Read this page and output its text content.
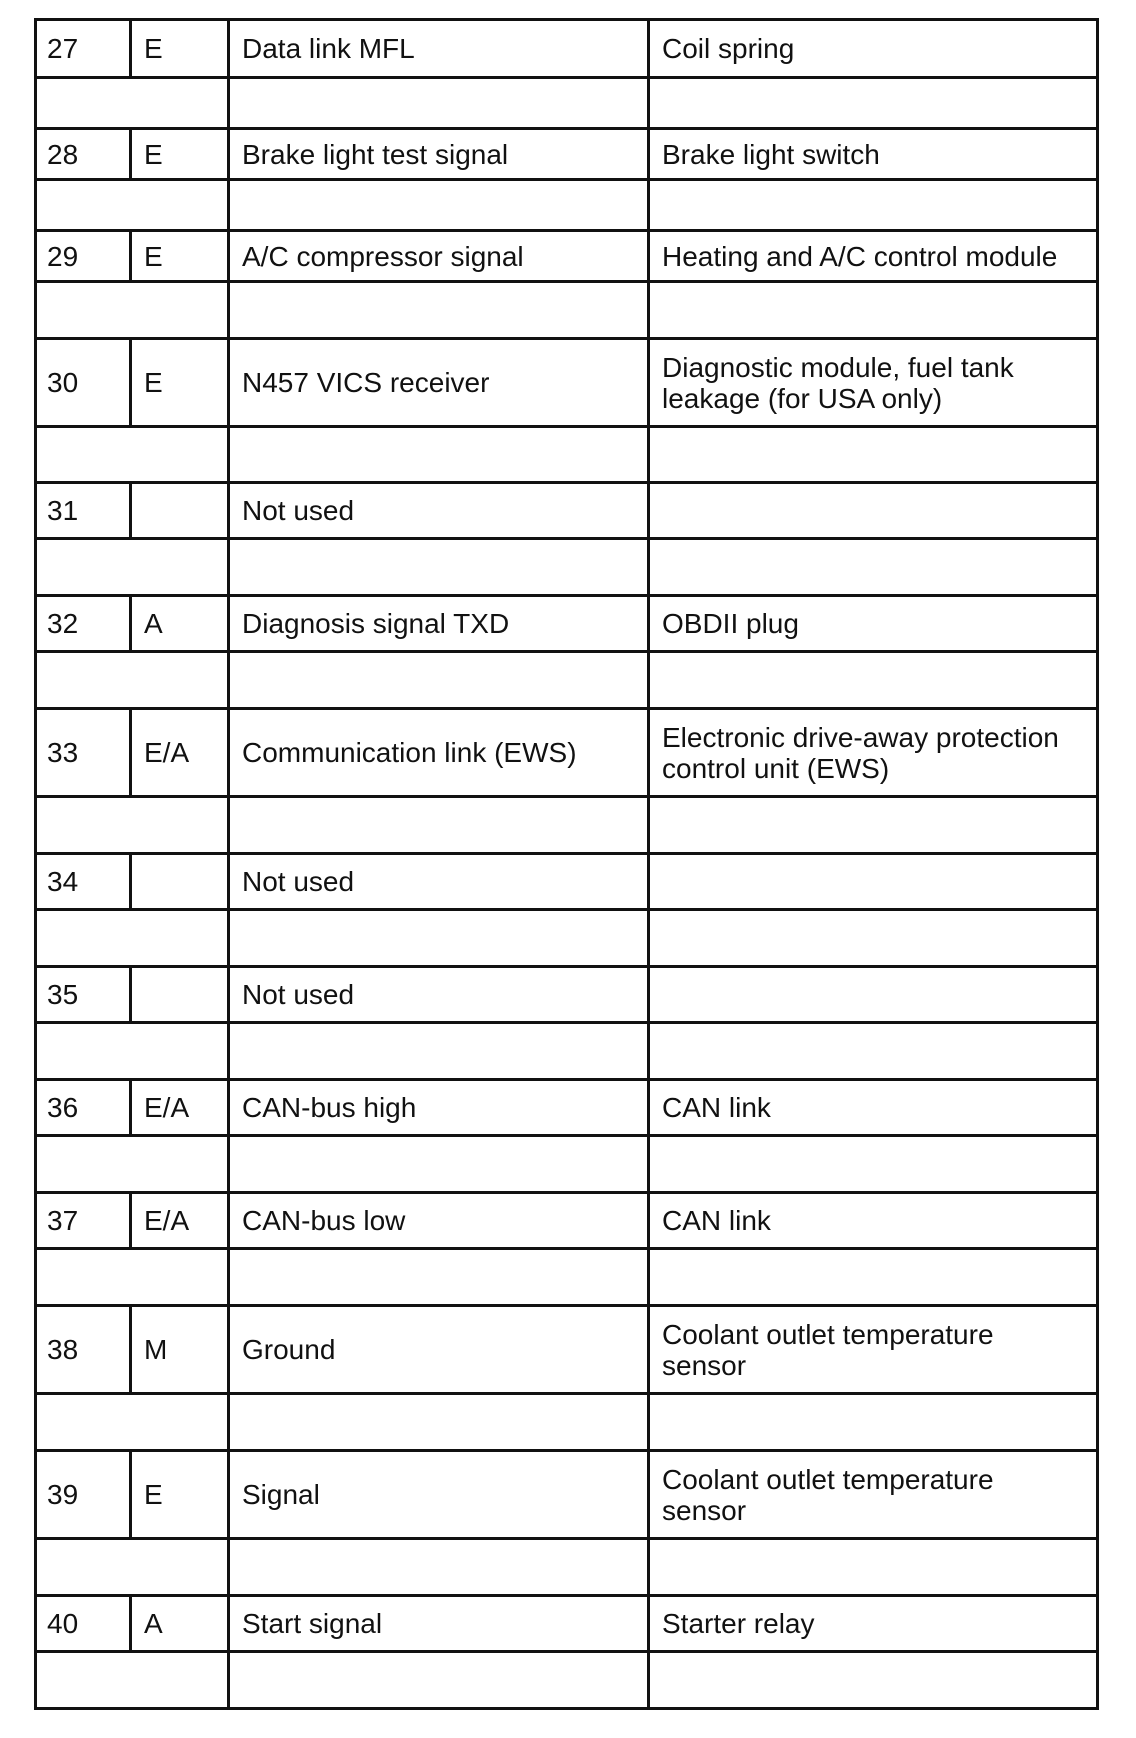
27	E	Data link MFL	Coil spring

28	E	Brake light test signal	Brake light switch

29	E	A/C compressor signal	Heating and A/C control module

30	E	N457 VICS receiver	Diagnostic module, fuel tank leakage (for USA only)

31		Not used	

32	A	Diagnosis signal TXD	OBDII plug

33	E/A	Communication link (EWS)	Electronic drive-away protection control unit (EWS)

34		Not used	

35		Not used	

36	E/A	CAN-bus high	CAN link

37	E/A	CAN-bus low	CAN link

38	M	Ground	Coolant outlet temperature sensor

39	E	Signal	Coolant outlet temperature sensor

40	A	Start signal	Starter relay
